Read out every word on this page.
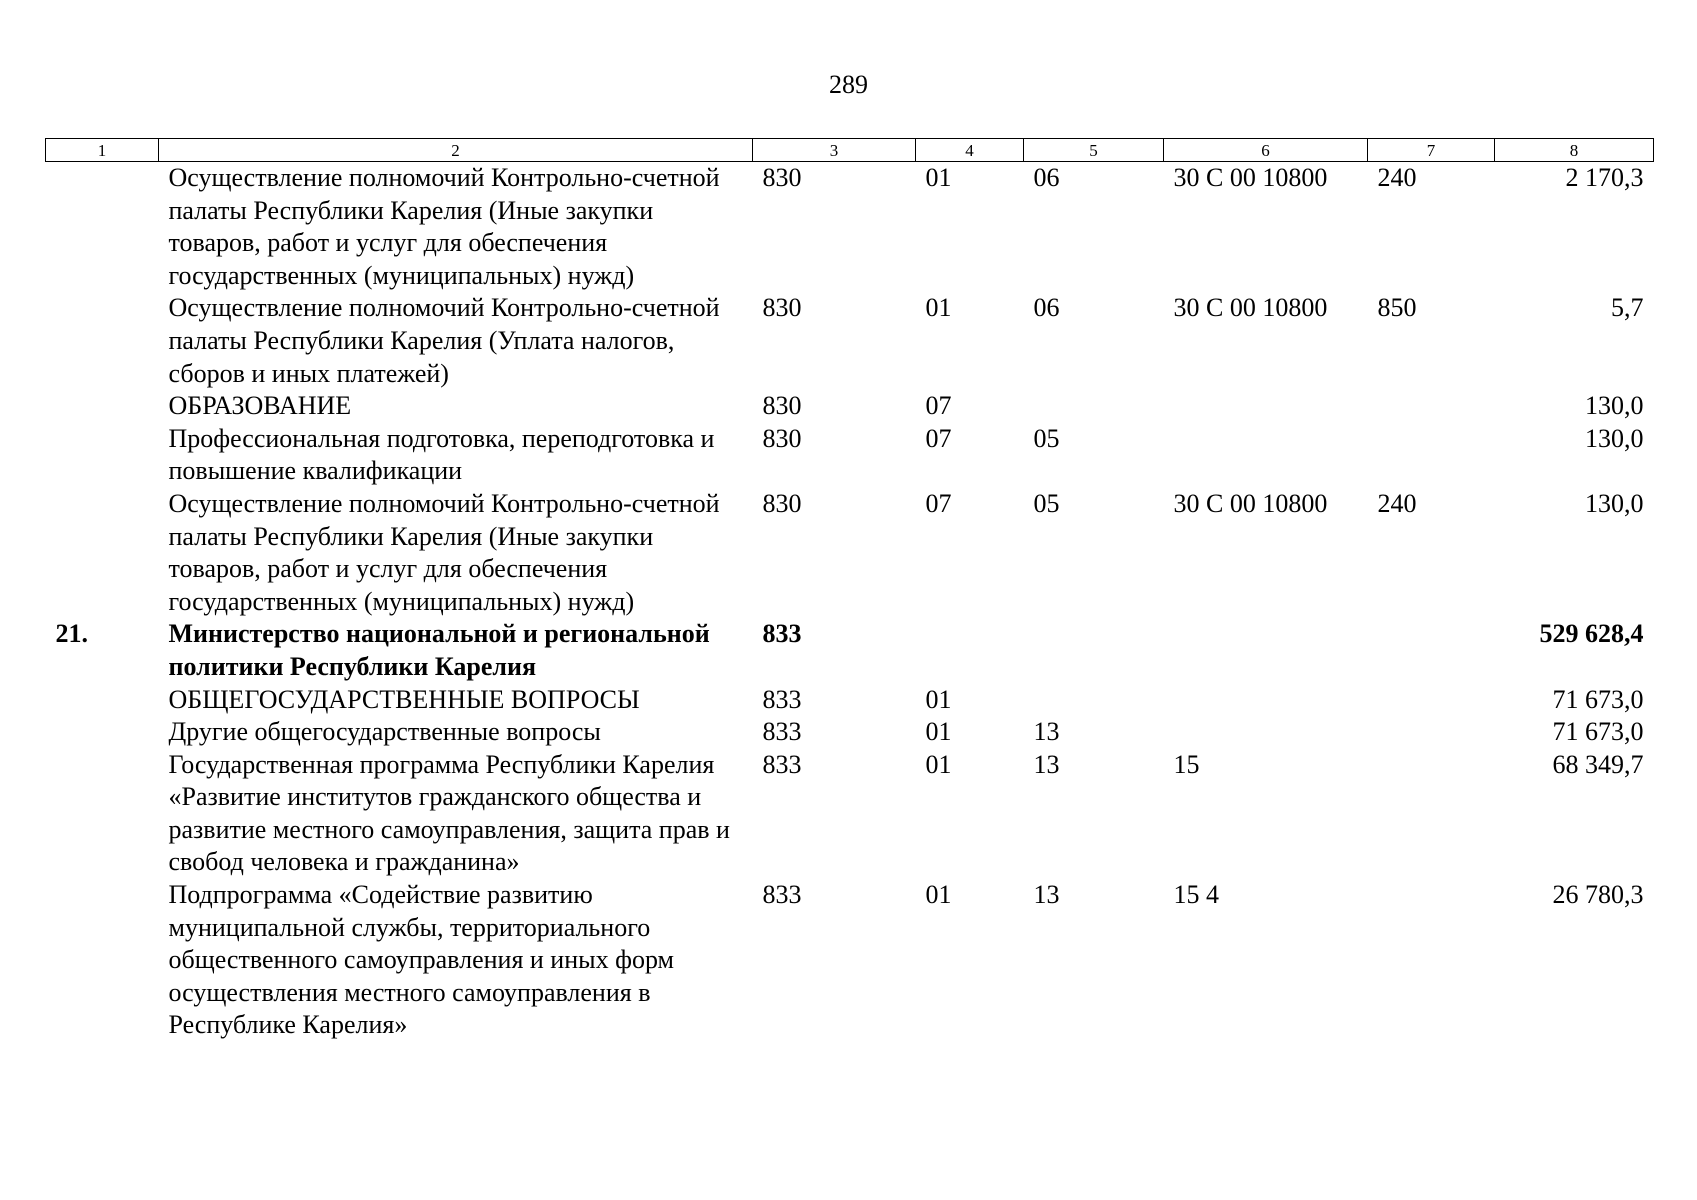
289
1	2	3	4	5	6	7	8
	Осуществление полномочий Контрольно-счетной палаты Республики Карелия (Иные закупки товаров, работ и услуг для обеспечения государственных (муниципальных) нужд)	830	01	06	30 С 00 10800	240	2 170,3
	Осуществление полномочий Контрольно-счетной палаты Республики Карелия (Уплата налогов, сборов и иных платежей)	830	01	06	30 С 00 10800	850	5,7
	ОБРАЗОВАНИЕ	830	07				130,0
	Профессиональная подготовка, переподготовка и повышение квалификации	830	07	05			130,0
	Осуществление полномочий Контрольно-счетной палаты Республики Карелия (Иные закупки товаров, работ и услуг для обеспечения государственных (муниципальных) нужд)	830	07	05	30 С 00 10800	240	130,0
21.	Министерство национальной и региональной политики Республики Карелия	833					529 628,4
	ОБЩЕГОСУДАРСТВЕННЫЕ ВОПРОСЫ	833	01				71 673,0
	Другие общегосударственные вопросы	833	01	13			71 673,0
	Государственная программа Республики Карелия «Развитие институтов гражданского общества и развитие местного самоуправления, защита прав и свобод человека и гражданина»	833	01	13	15		68 349,7
	Подпрограмма «Содействие развитию муниципальной службы, территориального общественного самоуправления и иных форм осуществления местного самоуправления в Республике Карелия»	833	01	13	15 4		26 780,3
